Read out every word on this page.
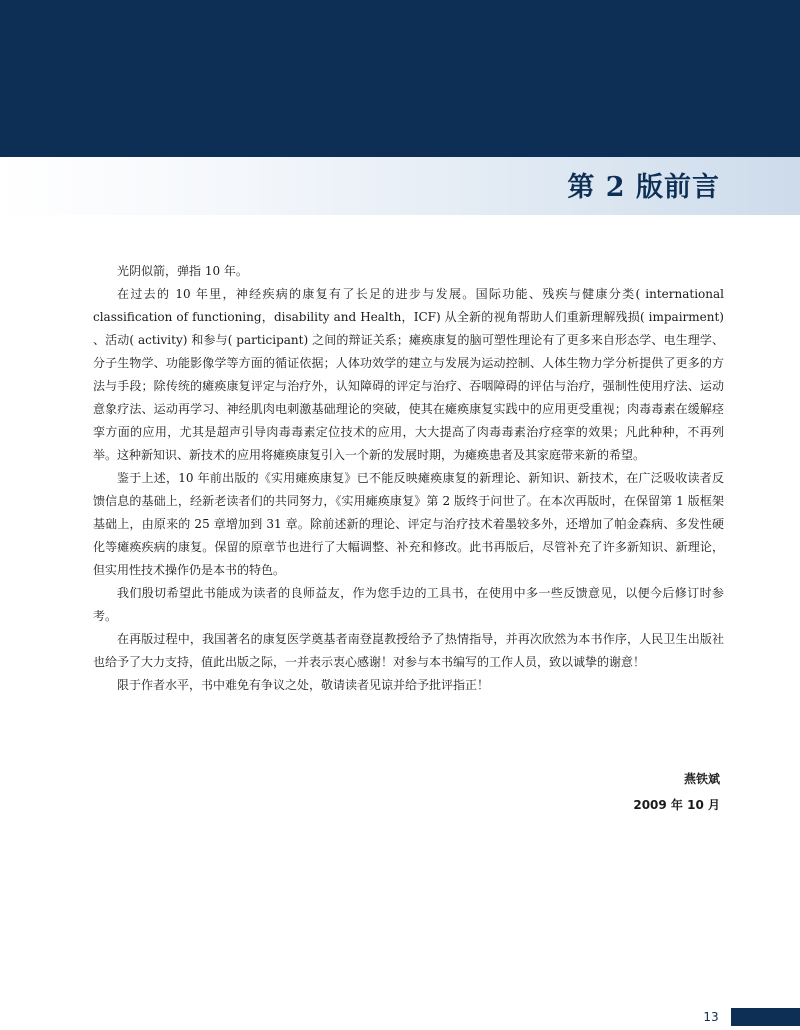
第 2 版前言

光阴似箭，弹指 10 年。

在过去的 10 年里，神经疾病的康复有了长足的进步与发展。国际功能、残疾与健康分类( international classification of functioning，disability and Health，ICF) 从全新的视角帮助人们重新理解残损( impairment) 、活动( activity) 和参与( participant) 之间的辩证关系；瘫痪康复的脑可塑性理论有了更多来自形态学、电生理学、分子生物学、功能影像学等方面的循证依据；人体功效学的建立与发展为运动控制、人体生物力学分析提供了更多的方法与手段；除传统的瘫痪康复评定与治疗外，认知障碍的评定与治疗、吞咽障碍的评估与治疗，强制性使用疗法、运动意象疗法、运动再学习、神经肌肉电刺激基础理论的突破，使其在瘫痪康复实践中的应用更受重视；肉毒毒素在缓解痉挛方面的应用，尤其是超声引导肉毒毒素定位技术的应用，大大提高了肉毒毒素治疗痉挛的效果；凡此种种，不再列举。这种新知识、新技术的应用将瘫痪康复引入一个新的发展时期，为瘫痪患者及其家庭带来新的希望。

鉴于上述，10 年前出版的《实用瘫痪康复》已不能反映瘫痪康复的新理论、新知识、新技术，在广泛吸收读者反馈信息的基础上，经新老读者们的共同努力，《实用瘫痪康复》第 2 版终于问世了。在本次再版时，在保留第 1 版框架基础上，由原来的 25 章增加到 31 章。除前述新的理论、评定与治疗技术着墨较多外，还增加了帕金森病、多发性硬化等瘫痪疾病的康复。保留的原章节也进行了大幅调整、补充和修改。此书再版后，尽管补充了许多新知识、新理论，但实用性技术操作仍是本书的特色。

我们殷切希望此书能成为读者的良师益友，作为您手边的工具书，在使用中多一些反馈意见，以便今后修订时参考。

在再版过程中，我国著名的康复医学奠基者南登崑教授给予了热情指导，并再次欣然为本书作序，人民卫生出版社也给予了大力支持，值此出版之际，一并表示衷心感谢！对参与本书编写的工作人员，致以诚挚的谢意！

限于作者水平，书中难免有争议之处，敬请读者见谅并给予批评指正！

燕铁斌

2009 年 10 月

13
